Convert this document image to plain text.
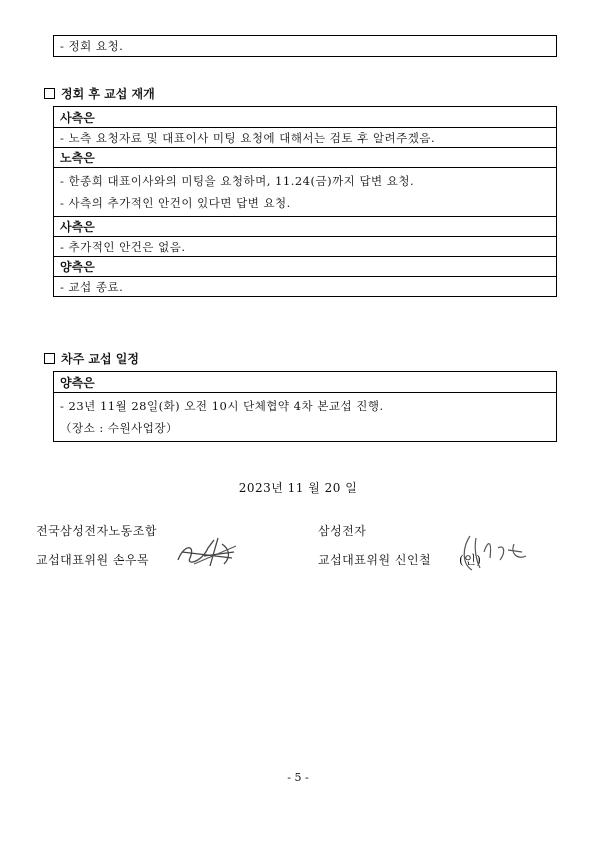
- 정회 요청.
정회 후 교섭 재개
사측은
- 노측 요청자료 및 대표이사 미팅 요청에 대해서는 검토 후 알려주겠음.
노측은
- 한종희 대표이사와의 미팅을 요청하며, 11.24(금)까지 답변 요청.
- 사측의 추가적인 안건이 있다면 답변 요청.
사측은
- 추가적인 안건은 없음.
양측은
- 교섭 종료.
차주 교섭 일정
양측은
- 23년 11월 28일(화) 오전 10시 단체협약 4차 본교섭 진행.
（장소 : 수원사업장）
2023년 11 월 20 일
전국삼성전자노동조합
교섭대표위원 손우목
삼성전자
교섭대표위원 신인철 (인)
- 5 -
